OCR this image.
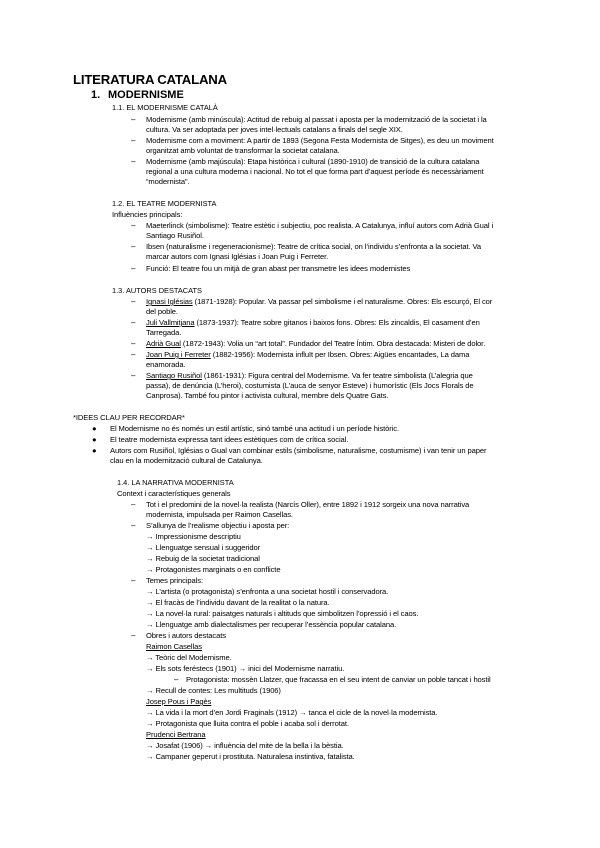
LITERATURA CATALANA
1. MODERNISME
1.1. EL MODERNISME CATALÀ
– Modernisme (amb minúscula): Actitud de rebuig al passat i aposta per la modernització de la societat i la
cultura. Va ser adoptada per joves intel·lectuals catalans a finals del segle XIX.
– Modernisme com a moviment: A partir de 1893 (Segona Festa Modernista de Sitges), es deu un moviment
organitzat amb voluntat de transformar la societat catalana.
– Modernisme (amb majúscula): Etapa històrica i cultural (1890-1910) de transició de la cultura catalana
regional a una cultura moderna i nacional. No tot el que forma part d’aquest període és necessàriament
“modernista”.
1.2. EL TEATRE MODERNISTA
Influències principals:
– Maeterlinck (simbolisme): Teatre estètic i subjectiu, poc realista. A Catalunya, influí autors com Adrià Gual i
Santiago Rusiñol.
– Ibsen (naturalisme i regeneracionisme): Teatre de crítica social, on l’individu s’enfronta a la societat. Va
marcar autors com Ignasi Iglésias i Joan Puig i Ferreter.
– Funció: El teatre fou un mitjà de gran abast per transmetre les idees modernistes
1.3. AUTORS DESTACATS
– Ignasi Iglésias (1871-1928): Popular. Va passar pel simbolisme i el naturalisme. Obres: Els escurçó, El cor
del poble.
– Juli Vallmitjana (1873-1937): Teatre sobre gitanos i baixos fons. Obres: Els zincaldis, El casament d’en
Tarregada.
– Adrià Gual (1872-1943): Volia un “art total”. Fundador del Teatre Íntim. Obra destacada: Misteri de dolor.
– Joan Puig i Ferreter (1882-1956): Modernista influït per Ibsen. Obres: Aigües encantades, La dama
enamorada.
– Santiago Rusiñol (1861-1931): Figura central del Modernisme. Va fer teatre simbolista (L’alegria que
passa), de denúncia (L’heroi), costumista (L’auca de senyor Esteve) i humorístic (Els Jocs Florals de
Canprosa). També fou pintor i activista cultural, membre dels Quatre Gats.
*IDEES CLAU PER RECORDAR*
● El Modernisme no és només un estil artístic, sinó també una actitud i un període històric.
● El teatre modernista expressa tant idees estètiques com de crítica social.
● Autors com Rusiñol, Iglésias o Gual van combinar estils (simbolisme, naturalisme, costumisme) i van tenir un paper
clau en la modernització cultural de Catalunya.
1.4. LA NARRATIVA MODERNISTA
Context i característiques generals
– Tot i el predomini de la novel·la realista (Narcís Oller), entre 1892 i 1912 sorgeix una nova narrativa
modernista, impulsada per Raimon Casellas.
– S’allunya de l’realisme objectiu i aposta per:
→ Impressionisme descriptiu
→ Llenguatge sensual i suggeridor
→ Rebuig de la societat tradicional
→ Protagonistes marginats o en conflicte
– Temes principals:
→ L’artista (o protagonista) s’enfronta a una societat hostil i conservadora.
→ El fracàs de l’individu davant de la realitat o la natura.
→ La novel·la rural: paisatges naturals i altituds que simbolitzen l’opressió i el caos.
→ Llenguatge amb dialectalismes per recuperar l’essència popular catalana.
– Obres i autors destacats
Raimon Casellas
→ Teòric del Modernisme.
→ Els sots feréstecs (1901) → inici del Modernisme narratiu.
– Protagonista: mossèn Llatzer, que fracassa en el seu intent de canviar un poble tancat i hostil
→ Recull de contes: Les multituds (1906)
Josep Pous i Pagès
→ La vida i la mort d’en Jordi Fraginals (1912) → tanca el cicle de la novel·la modernista.
→ Protagonista que lluita contra el poble i acaba sol i derrotat.
Prudenci Bertrana
→ Josafat (1906) → influència del mite de la bella i la bèstia.
→ Campaner geperut i prostituta. Naturalesa instintiva, fatalista.
